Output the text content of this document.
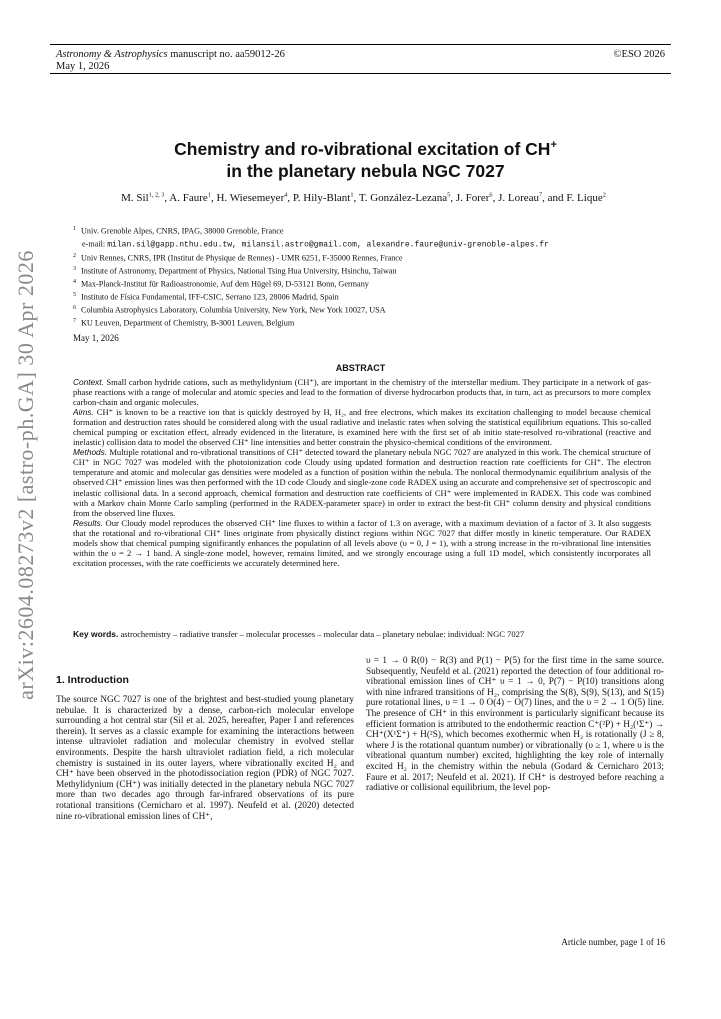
Astronomy & Astrophysics manuscript no. aa59012-26
May 1, 2026
©ESO 2026
arXiv:2604.08273v2 [astro-ph.GA] 30 Apr 2026
Chemistry and ro-vibrational excitation of CH+
in the planetary nebula NGC 7027
M. Sil$^{1, 2, 3}$, A. Faure$^1$, H. Wiesemeyer$^4$, P. Hily-Blant$^1$, T. González-Lezana$^5$, J. Forer$^6$, J. Loreau$^7$, and F. Lique$^2$
$^1$ Univ. Grenoble Alpes, CNRS, IPAG, 38000 Grenoble, France
e-mail: milan.sil@gapp.nthu.edu.tw, milansil.astro@gmail.com, alexandre.faure@univ-grenoble-alpes.fr
$^2$ Univ Rennes, CNRS, IPR (Institut de Physique de Rennes) - UMR 6251, F-35000 Rennes, France
$^3$ Institute of Astronomy, Department of Physics, National Tsing Hua University, Hsinchu, Taiwan
$^4$ Max-Planck-Institut für Radioastronomie, Auf dem Hügel 69, D-53121 Bonn, Germany
$^5$ Instituto de Física Fundamental, IFF-CSIC, Serrano 123, 28006 Madrid, Spain
$^6$ Columbia Astrophysics Laboratory, Columbia University, New York, New York 10027, USA
$^7$ KU Leuven, Department of Chemistry, B-3001 Leuven, Belgium
May 1, 2026
ABSTRACT

Context. Small carbon hydride cations, such as methylidynium (CH⁺), are important in the chemistry of the interstellar medium. They participate in a network of gas-phase reactions with a range of molecular and atomic species and lead to the formation of diverse hydrocarbon products that, in turn, act as precursors to more complex carbon-chain and organic molecules.

Aims. CH⁺ is known to be a reactive ion that is quickly destroyed by H, H₂, and free electrons, which makes its excitation challenging to model because chemical formation and destruction rates should be considered along with the usual radiative and inelastic rates when solving the statistical equilibrium equations. This so-called chemical pumping or excitation effect, already evidenced in the literature, is examined here with the first set of ab initio state-resolved ro-vibrational (reactive and inelastic) collision data to model the observed CH⁺ line intensities and better constrain the physico-chemical conditions of the environment.

Methods. Multiple rotational and ro-vibrational transitions of CH⁺ detected toward the planetary nebula NGC 7027 are analyzed in this work. The chemical structure of CH⁺ in NGC 7027 was modeled with the photoionization code Cloudy using updated formation and destruction reaction rate coefficients for CH⁺. The electron temperature and atomic and molecular gas densities were modeled as a function of position within the nebula. The nonlocal thermodynamic equilibrium analysis of the observed CH⁺ emission lines was then performed with the 1D code Cloudy and single-zone code RADEX using an accurate and comprehensive set of spectroscopic and inelastic collisional data. In a second approach, chemical formation and destruction rate coefficients of CH⁺ were implemented in RADEX. This code was combined with a Markov chain Monte Carlo sampling (performed in the RADEX-parameter space) in order to extract the best-fit CH⁺ column density and physical conditions from the observed line fluxes.

Results. Our Cloudy model reproduces the observed CH⁺ line fluxes to within a factor of 1.3 on average, with a maximum deviation of a factor of 3. It also suggests that the rotational and ro-vibrational CH⁺ lines originate from physically distinct regions within NGC 7027 that differ mostly in kinetic temperature. Our RADEX models show that chemical pumping significantly enhances the population of all levels above (υ = 0, J = 1), with a strong increase in the ro-vibrational line intensities within the υ = 2 → 1 band. A single-zone model, however, remains limited, and we strongly encourage using a full 1D model, which consistently incorporates all excitation processes, with the rate coefficients we accurately determined here.

Key words. astrochemistry – radiative transfer – molecular processes – molecular data – planetary nebulae: individual: NGC 7027
1. Introduction

The source NGC 7027 is one of the brightest and best-studied young planetary nebulae. It is characterized by a dense, carbon-rich molecular envelope surrounding a hot central star (Sil et al. 2025, hereafter, Paper I and references therein). It serves as a classic example for examining the interactions between intense ultraviolet radiation and molecular chemistry in evolved stellar environments. Despite the harsh ultraviolet radiation field, a rich molecular chemistry is sustained in its outer layers, where vibrationally excited H₂ and CH⁺ have been observed in the photodissociation region (PDR) of NGC 7027. Methylidynium (CH⁺) was initially detected in the planetary nebula NGC 7027 more than two decades ago through far-infrared observations of its pure rotational transitions (Cernicharo et al. 1997). Neufeld et al. (2020) detected nine ro-vibrational emission lines of CH⁺,

υ = 1 → 0 R(0) − R(3) and P(1) − P(5) for the first time in the same source. Subsequently, Neufeld et al. (2021) reported the detection of four additional ro-vibrational emission lines of CH⁺ υ = 1 → 0, P(7) − P(10) transitions along with nine infrared transitions of H₂, comprising the S(8), S(9), S(13), and S(15) pure rotational lines, υ = 1 → 0 O(4) − O(7) lines, and the υ = 2 → 1 O(5) line. The presence of CH⁺ in this environment is particularly significant because its efficient formation is attributed to the endothermic reaction C⁺(²P) + H₂(¹Σ⁺) → CH⁺(X¹Σ⁺) + H(²S), which becomes exothermic when H₂ is rotationally (J ≥ 8, where J is the rotational quantum number) or vibrationally (υ ≥ 1, where υ is the vibrational quantum number) excited, highlighting the key role of internally excited H₂ in the chemistry within the nebula (Godard & Cernicharo 2013; Faure et al. 2017; Neufeld et al. 2021). If CH⁺ is destroyed before reaching a radiative or collisional equilibrium, the level pop-

Article number, page 1 of 16
